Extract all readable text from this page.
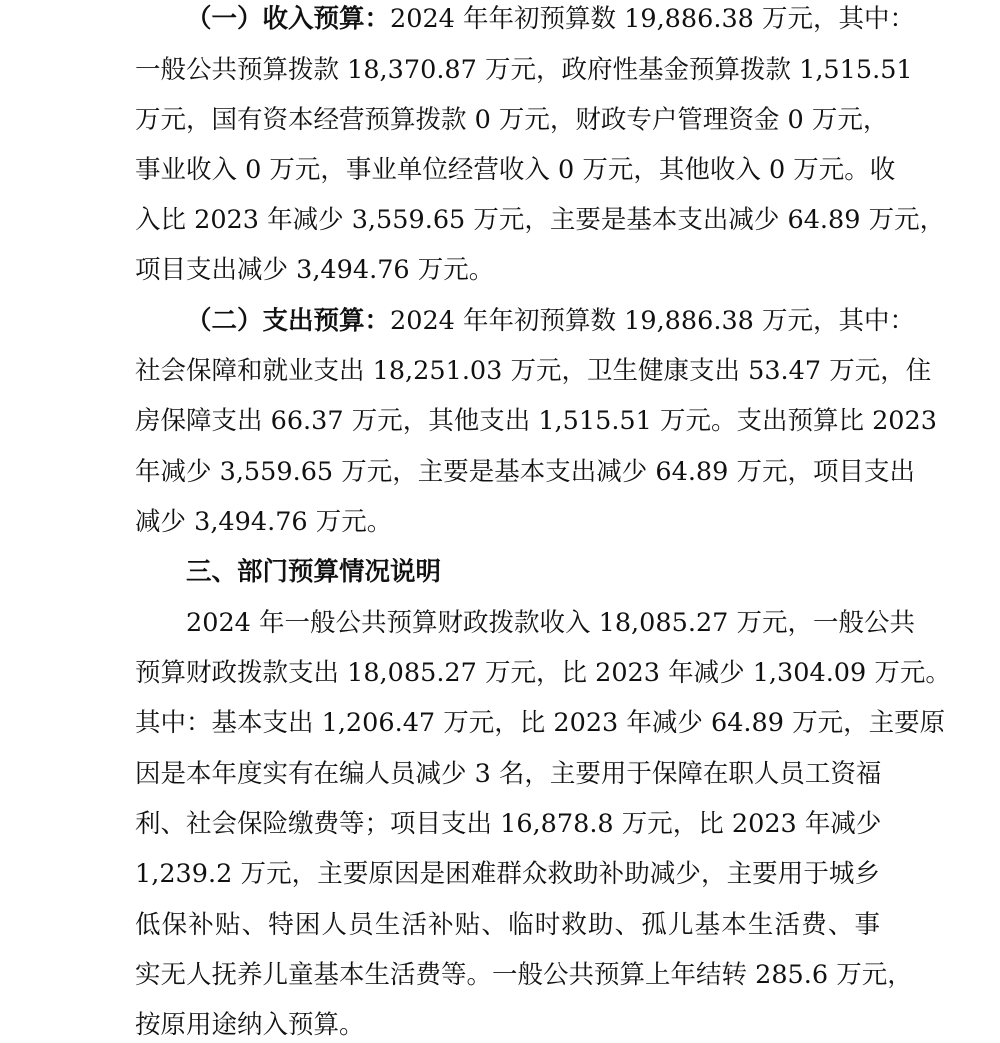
（一）收入预算：2024 年年初预算数 19,886.38 万元，其中：
一般公共预算拨款 18,370.87 万元，政府性基金预算拨款 1,515.51
万元，国有资本经营预算拨款 0 万元，财政专户管理资金 0 万元，
事业收入 0 万元，事业单位经营收入 0 万元，其他收入 0 万元。收
入比 2023 年减少 3,559.65 万元，主要是基本支出减少 64.89 万元，
项目支出减少 3,494.76 万元。
（二）支出预算：2024 年年初预算数 19,886.38 万元，其中：
社会保障和就业支出 18,251.03 万元，卫生健康支出 53.47 万元，住
房保障支出 66.37 万元，其他支出 1,515.51 万元。支出预算比 2023
年减少 3,559.65 万元，主要是基本支出减少 64.89 万元，项目支出
减少 3,494.76 万元。
三、部门预算情况说明
2024 年一般公共预算财政拨款收入 18,085.27 万元，一般公共
预算财政拨款支出 18,085.27 万元，比 2023 年减少 1,304.09 万元。
其中：基本支出 1,206.47 万元，比 2023 年减少 64.89 万元，主要原
因是本年度实有在编人员减少 3 名，主要用于保障在职人员工资福
利、社会保险缴费等；项目支出 16,878.8 万元，比 2023 年减少
1,239.2 万元，主要原因是困难群众救助补助减少，主要用于城乡
低保补贴、特困人员生活补贴、临时救助、孤儿基本生活费、事
实无人抚养儿童基本生活费等。一般公共预算上年结转 285.6 万元，
按原用途纳入预算。
